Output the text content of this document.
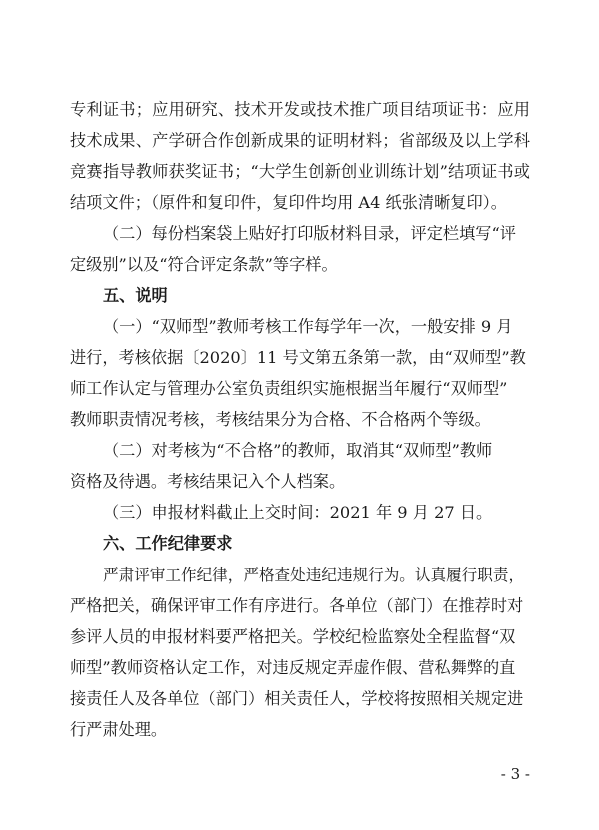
专利证书；应用研究、技术开发或技术推广项目结项证书：应用
技术成果、产学研合作创新成果的证明材料；省部级及以上学科
竞赛指导教师获奖证书；“大学生创新创业训练计划”结项证书或
结项文件；（原件和复印件，复印件均用 A4 纸张清晰复印）。
（二）每份档案袋上贴好打印版材料目录，评定栏填写“评
定级别”以及“符合评定条款”等字样。
五、说明
（一）“双师型”教师考核工作每学年一次，一般安排 9 月
进行，考核依据〔2020〕11 号文第五条第一款，由“双师型”教
师工作认定与管理办公室负责组织实施根据当年履行“双师型”
教师职责情况考核，考核结果分为合格、不合格两个等级。
（二）对考核为“不合格”的教师，取消其“双师型”教师
资格及待遇。考核结果记入个人档案。
（三）申报材料截止上交时间：2021 年 9 月 27 日。
六、工作纪律要求
严肃评审工作纪律，严格查处违纪违规行为。认真履行职责，
严格把关，确保评审工作有序进行。各单位（部门）在推荐时对
参评人员的申报材料要严格把关。学校纪检监察处全程监督“双
师型”教师资格认定工作，对违反规定弄虚作假、营私舞弊的直
接责任人及各单位（部门）相关责任人，学校将按照相关规定进
行严肃处理。
- 3 -
